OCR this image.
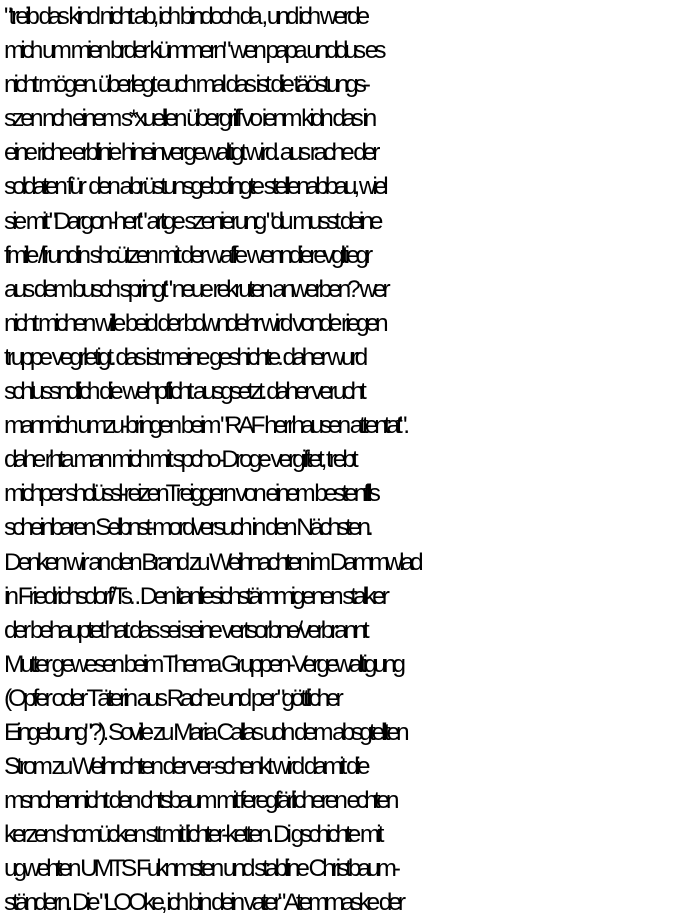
"treib das kind nicht ab, ich bindoch da , und ich werde
mich um mien brder kümmern" wen papa unddus es
nicht mögen. überlegt euch mal das ist die täöstungs-
szen nch einem s*xuellen übergriff vo ienm kidn das in
eine riche erblinie hineinvergewaltigt wird. aus rache der
soldaten für  den abrüstunsgebdingte stellenabbau, wiel
sie mit "Dargon-hert" artge szenierung "du musst deine
fmile /frundin shcützen mit der waffe wenndierevgltiegr
aus dem busch springt" neue rekruten anwerben? wer
nicht michen wille beid der bdwndehr wird vonde riegen
truppe vegrletigt. das ist meine geshichte. daher wurd
schlussndlich die wehpflicht ausgsetzt. daher verucht
manmich umzu-bringen beim "RAF herrhausen attentat".
dahe rhta man mich mit spcho-Droge vergiftet, trebt
michper shclüssl-reizenTreiggern von einem bestenflls
scheinbaren Selbnst-mordversuch in den Nächsten.
Denken wir an den Brand zu Weihnachten im Dammwlad
in Friedrichsdorf/Ts. . Den itanliesichstämmigenen stalker
der behauptet hat das sei seine vertsorbne/verbrannt
Mutter gewesen beim Thema Gruppen-Vergewaltigung
(Opfer oder Täterin aus Rache und per "göttlicher
Eingebung"?). Sovile zu Maria Callas udn dem absgtellten
Strom zu Weihnchten der ver-schenkt wird damit die
msnchennicht den chtsbaum mit feregfärlicheren echten
kerzen shcmücken stt mit lichter-ketten. Di gschichte mit
ugwehten UMTS Fuknmsten und stabline Christbaum-
ständern. Die "LOOke, ich bin dein vater" Atemmaske der
